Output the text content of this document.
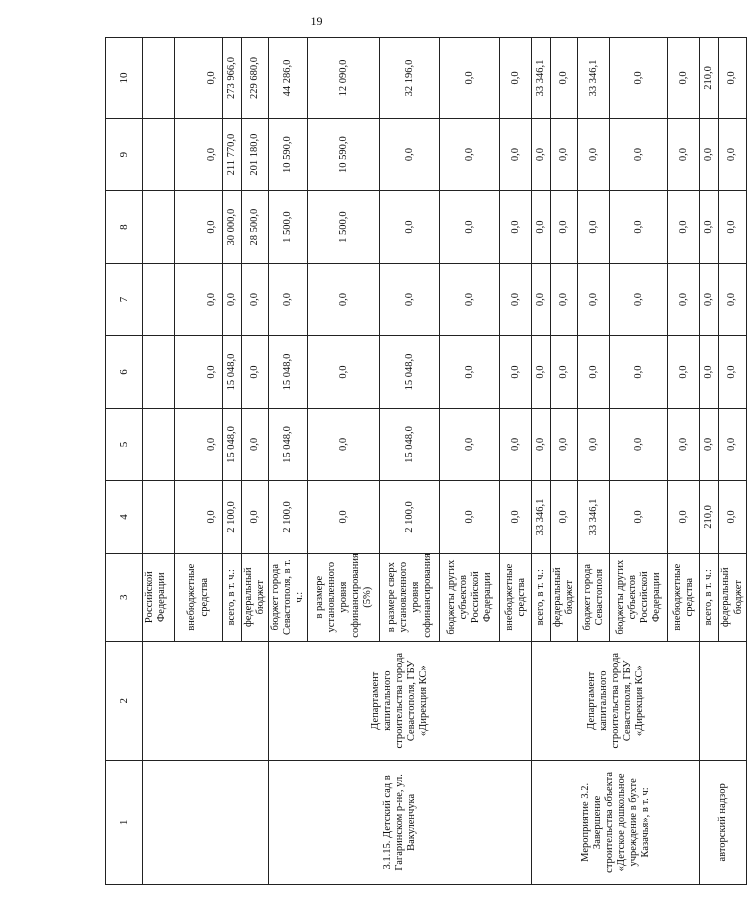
19
1	2	3	4	5	6	7	8	9	10
		Российской Федерации							
		внебюджетные средства	0,0	0,0	0,0	0,0	0,0	0,0	0,0
		всего, в т. ч.:	2 100,0	15 048,0	15 048,0	0,0	30 000,0	211 770,0	273 966,0
		федеральный бюджет	0,0	0,0	0,0	0,0	28 500,0	201 180,0	229 680,0
3.1.15. Детский сад в Гагаринском р-не, ул. Вакуленчука	Департамент капитального строительства города Севастополя, ГБУ «Дирекция КС»	бюджет города Севастополя, в т. ч.:	2 100,0	15 048,0	15 048,0	0,0	1 500,0	10 590,0	44 286,0
		в размере установленного уровня софинансирования (5%)	0,0	0,0	0,0	0,0	1 500,0	10 590,0	12 090,0
		в размере сверх установленного уровня софинансирования	2 100,0	15 048,0	15 048,0	0,0	0,0	0,0	32 196,0
		бюджеты других субъектов Российской Федерации	0,0	0,0	0,0	0,0	0,0	0,0	0,0
		внебюджетные средства	0,0	0,0	0,0	0,0	0,0	0,0	0,0
Мероприятие 3.2. Завершение строительства объекта «Детское дошкольное учреждение в бухте Казачья», в т. ч:	Департамент капитального строительства города Севастополя, ГБУ «Дирекция КС»	всего, в т. ч.:	33 346,1	0,0	0,0	0,0	0,0	0,0	33 346,1
		федеральный бюджет	0,0	0,0	0,0	0,0	0,0	0,0	0,0
		бюджет города Севастополя	33 346,1	0,0	0,0	0,0	0,0	0,0	33 346,1
		бюджеты других субъектов Российской Федерации	0,0	0,0	0,0	0,0	0,0	0,0	0,0
		внебюджетные средства	0,0	0,0	0,0	0,0	0,0	0,0	0,0
авторский надзор		всего, в т. ч.:	210,0	0,0	0,0	0,0	0,0	0,0	210,0
		федеральный бюджет	0,0	0,0	0,0	0,0	0,0	0,0	0,0
